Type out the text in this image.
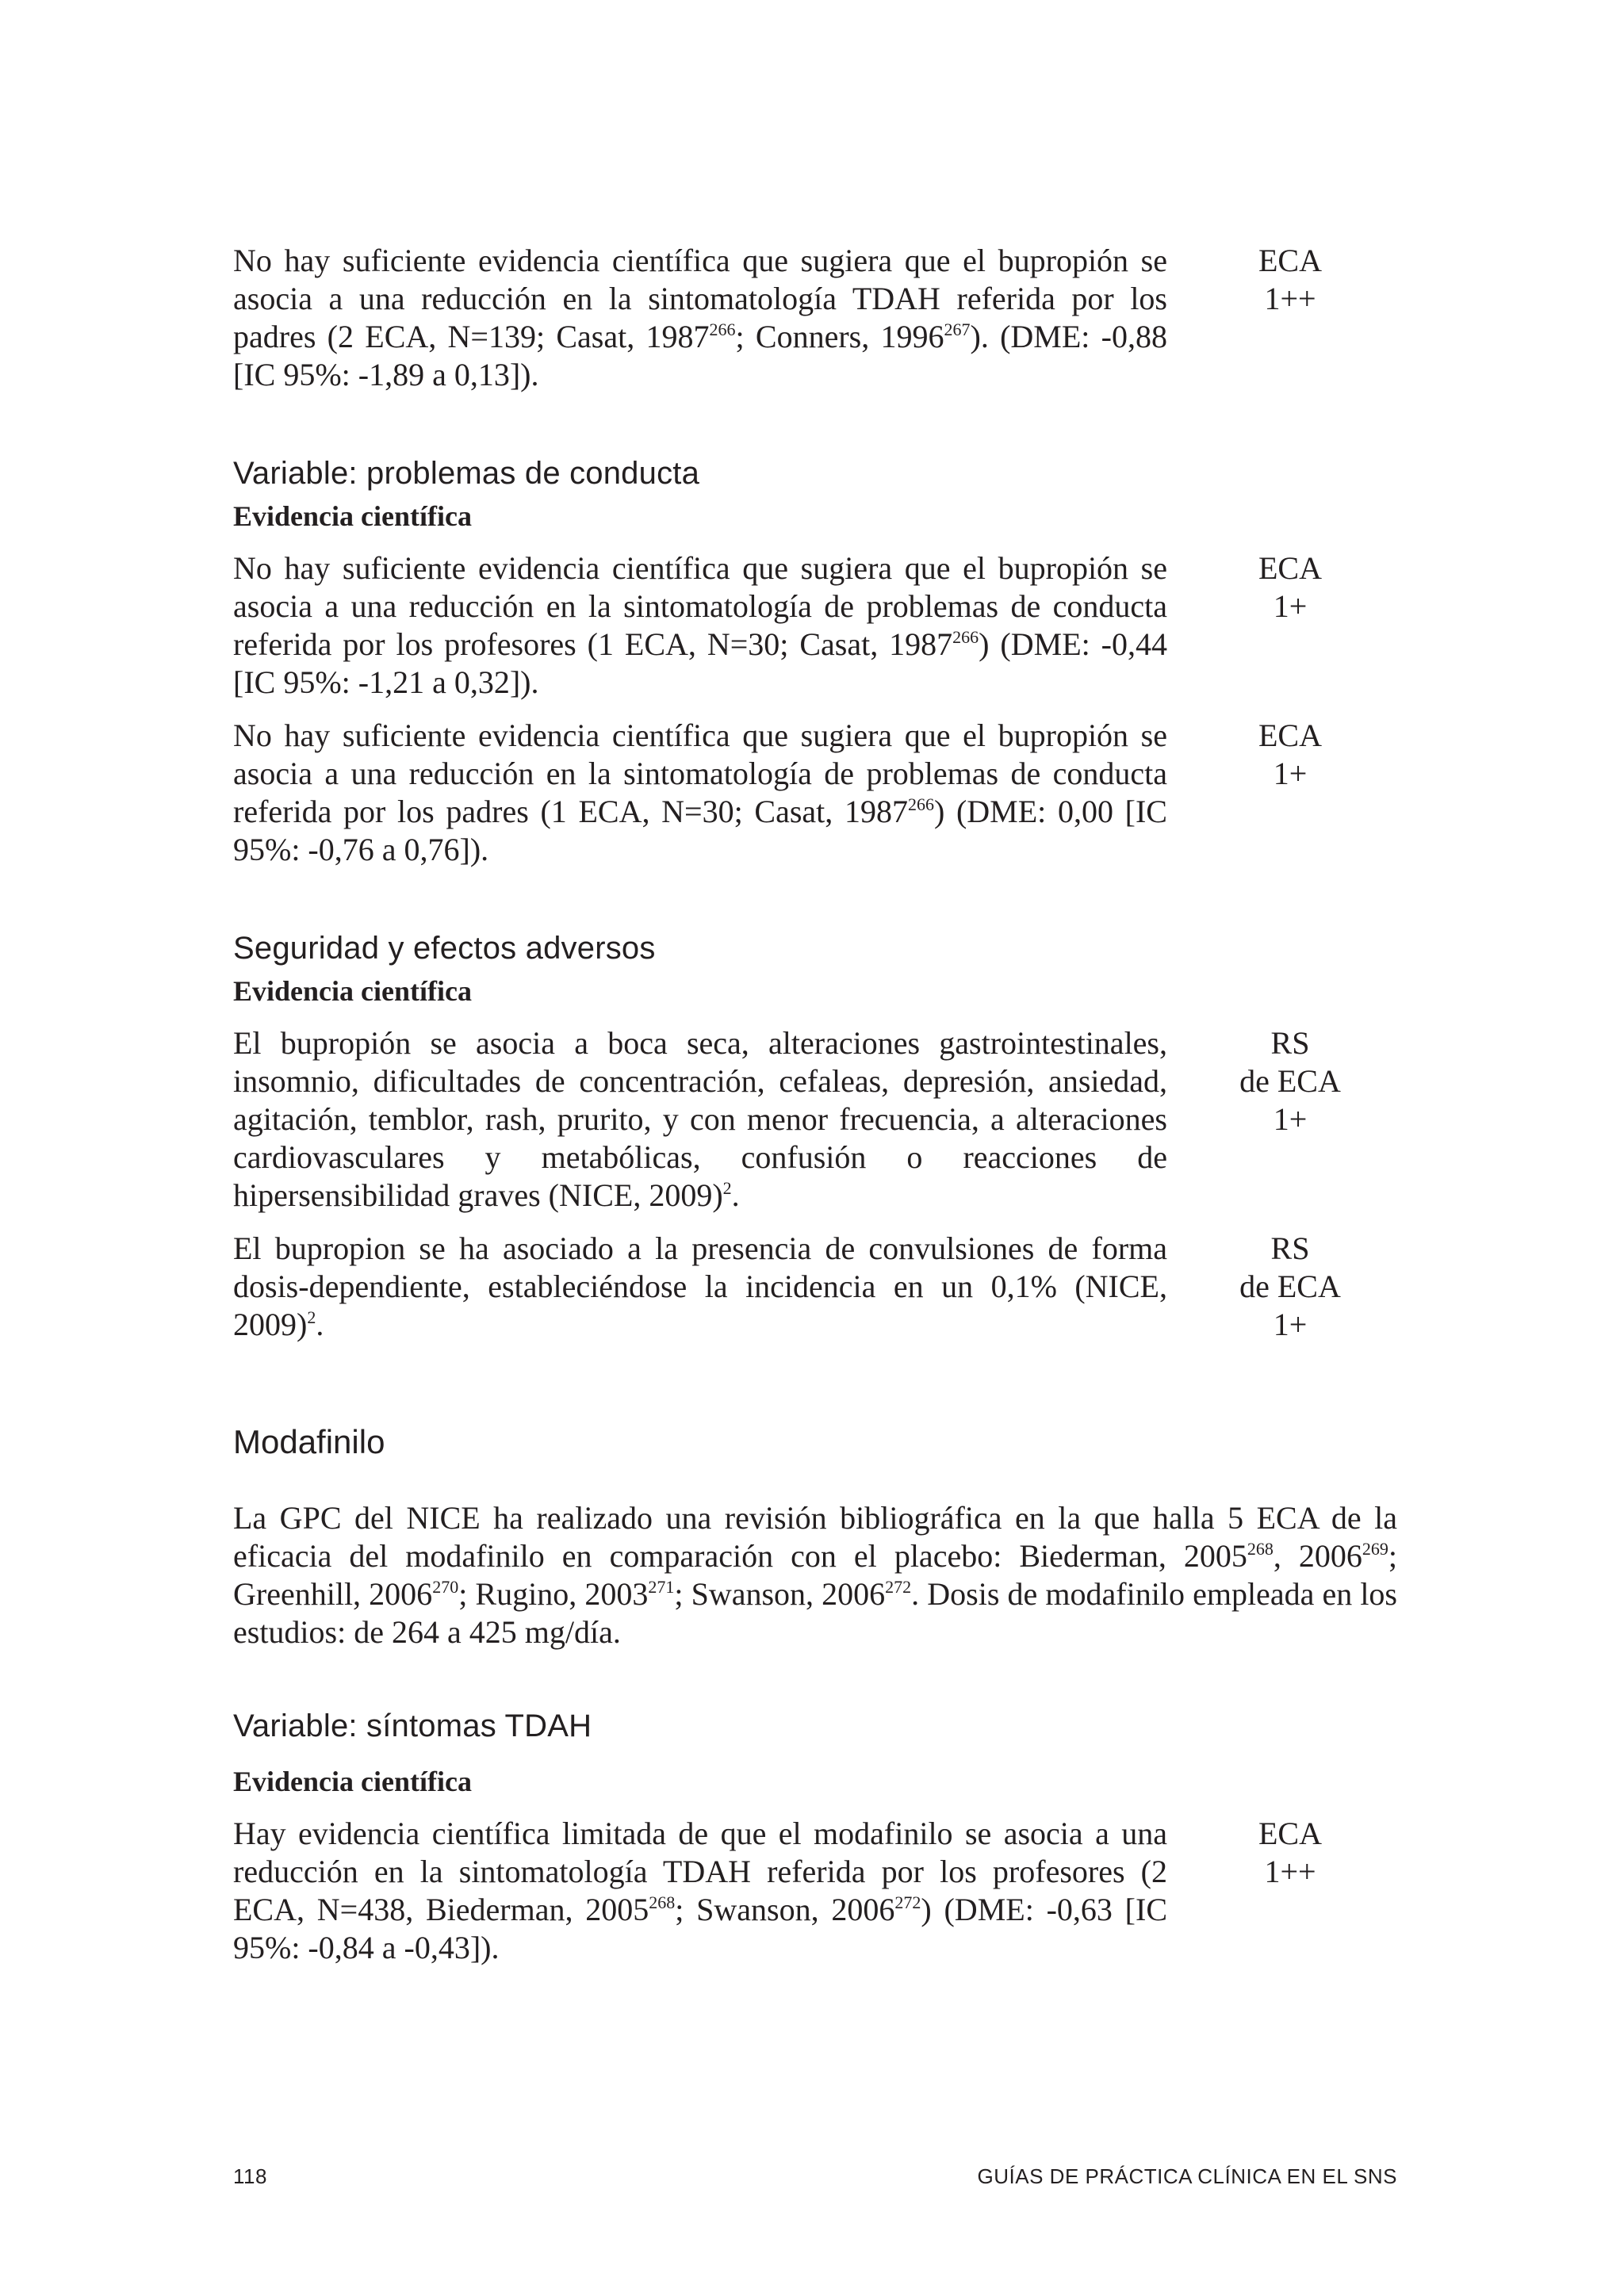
No hay suficiente evidencia científica que sugiera que el bupropión se asocia a una reducción en la sintomatología TDAH referida por los padres (2 ECA, N=139; Casat, 1987$^{266}$; Conners, 1996$^{267}$). (DME: -0,88 [IC 95%: -1,89 a 0,13]).
ECA
1++
Variable: problemas de conducta

Evidencia científica

No hay suficiente evidencia científica que sugiera que el bupropión se asocia a una reducción en la sintomatología de problemas de conducta referida por los profesores (1 ECA, N=30; Casat, 1987$^{266}$) (DME: -0,44 [IC 95%: -1,21 a 0,32]).
ECA
1+
No hay suficiente evidencia científica que sugiera que el bupropión se asocia a una reducción en la sintomatología de problemas de conducta referida por los padres (1 ECA, N=30; Casat, 1987$^{266}$) (DME: 0,00 [IC 95%: -0,76 a 0,76]).
ECA
1+
Seguridad y efectos adversos

Evidencia científica

El bupropión se asocia a boca seca, alteraciones gastrointestinales, insomnio, dificultades de concentración, cefaleas, depresión, ansiedad, agitación, temblor, rash, prurito, y con menor frecuencia, a alteraciones cardiovasculares y metabólicas, confusión o reacciones de hipersensibilidad graves (NICE, 2009)$^2$.
RS
de ECA
1+
El bupropion se ha asociado a la presencia de convulsiones de forma dosis-dependiente, estableciéndose la incidencia en un 0,1% (NICE, 2009)$^2$.
RS
de ECA
1+
Modafinilo
La GPC del NICE ha realizado una revisión bibliográfica en la que halla 5 ECA de la eficacia del modafinilo en comparación con el placebo: Biederman, 2005$^{268}$, 2006$^{269}$; Greenhill, 2006$^{270}$; Rugino, 2003$^{271}$; Swanson, 2006$^{272}$. Dosis de modafinilo empleada en los estudios: de 264 a 425 mg/día.
Variable: síntomas TDAH

Evidencia científica

Hay evidencia científica limitada de que el modafinilo se asocia a una reducción en la sintomatología TDAH referida por los profesores (2 ECA, N=438, Biederman, 2005$^{268}$; Swanson, 2006$^{272}$) (DME: -0,63 [IC 95%: -0,84 a -0,43]).
ECA
1++
118	GUÍAS DE PRÁCTICA CLÍNICA EN EL SNS
